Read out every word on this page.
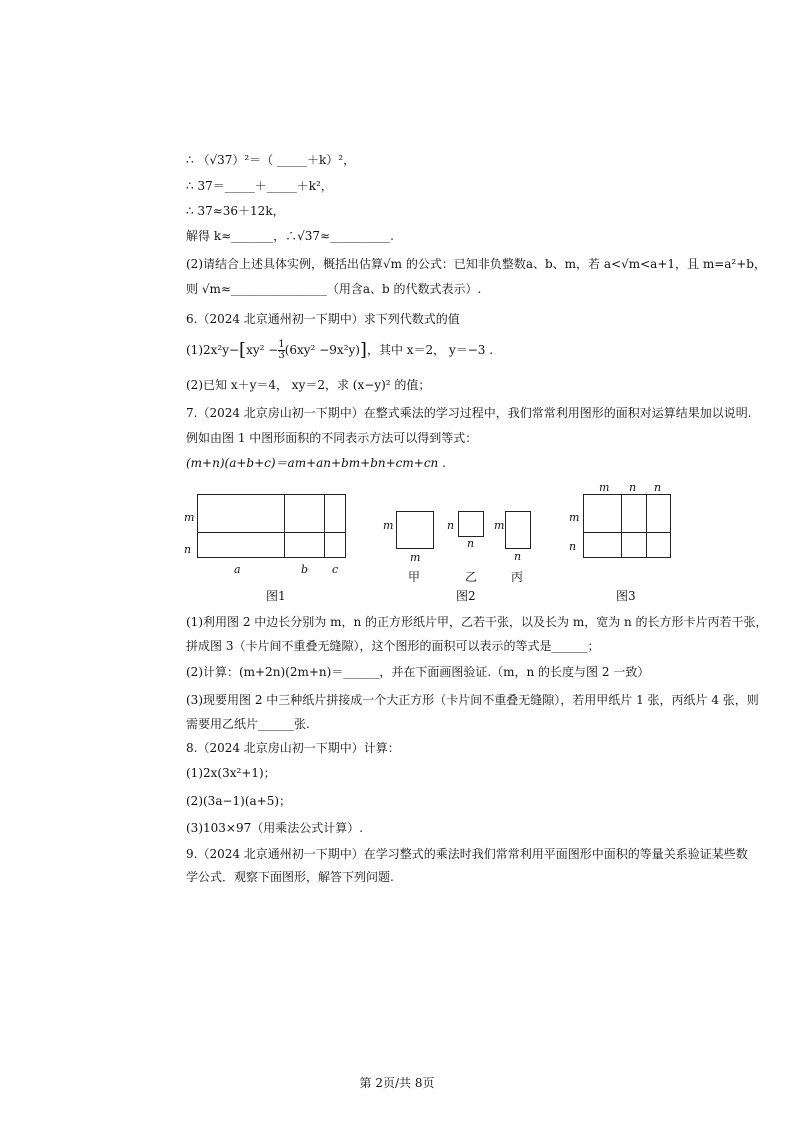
∴ （√37）²＝（ _____＋k）²，
∴ 37＝_____＋_____＋k²，
∴ 37≈36＋12k，
解得 k≈_______，∴√37≈__________.
(2)请结合上述具体实例，概括出估算√m 的公式：已知非负整数a、b、m，若 a<√m<a+1，且 m=a²+b，
则 √m≈________________（用含a、b 的代数式表示）.
6.（2024 北京通州初一下期中）求下列代数式的值
$(1)2x^2y-[xy^2 - \frac{1}{3} (6xy^2 -9x^2y)]$，其中 x＝2， y＝−3 .
(2)已知 x＋y＝4， xy＝2，求 (x−y)² 的值；
7.（2024 北京房山初一下期中）在整式乘法的学习过程中，我们常常利用图形的面积对运算结果加以说明.
例如由图 1 中图形面积的不同表示方法可以得到等式：
(m+n)(a+b+c)＝am+an+bm+bn+cm+cn .
m
n
a	b c
图1
m
m
n
n
m
n
甲	乙	丙
图2
m n n
m
n
图3
(1)利用图 2 中边长分别为 m，n 的正方形纸片甲，乙若干张，以及长为 m，宽为 n 的长方形卡片丙若干张，
拼成图 3（卡片间不重叠无缝隙），这个图形的面积可以表示的等式是______；
(2)计算：(m+2n)(2m+n)＝______，并在下面画图验证.（m，n 的长度与图 2 一致）
(3)现要用图 2 中三种纸片拼接成一个大正方形（卡片间不重叠无缝隙），若用甲纸片 1 张，丙纸片 4 张，则
需要用乙纸片______张.
8.（2024 北京房山初一下期中）计算：
(1)2x(3x²+1)；
(2)(3a−1)(a+5)；
(3)103×97（用乘法公式计算）.
9.（2024 北京通州初一下期中）在学习整式的乘法时我们常常利用平面图形中面积的等量关系验证某些数
学公式．观察下面图形，解答下列问题.
第 2页/共 8页
